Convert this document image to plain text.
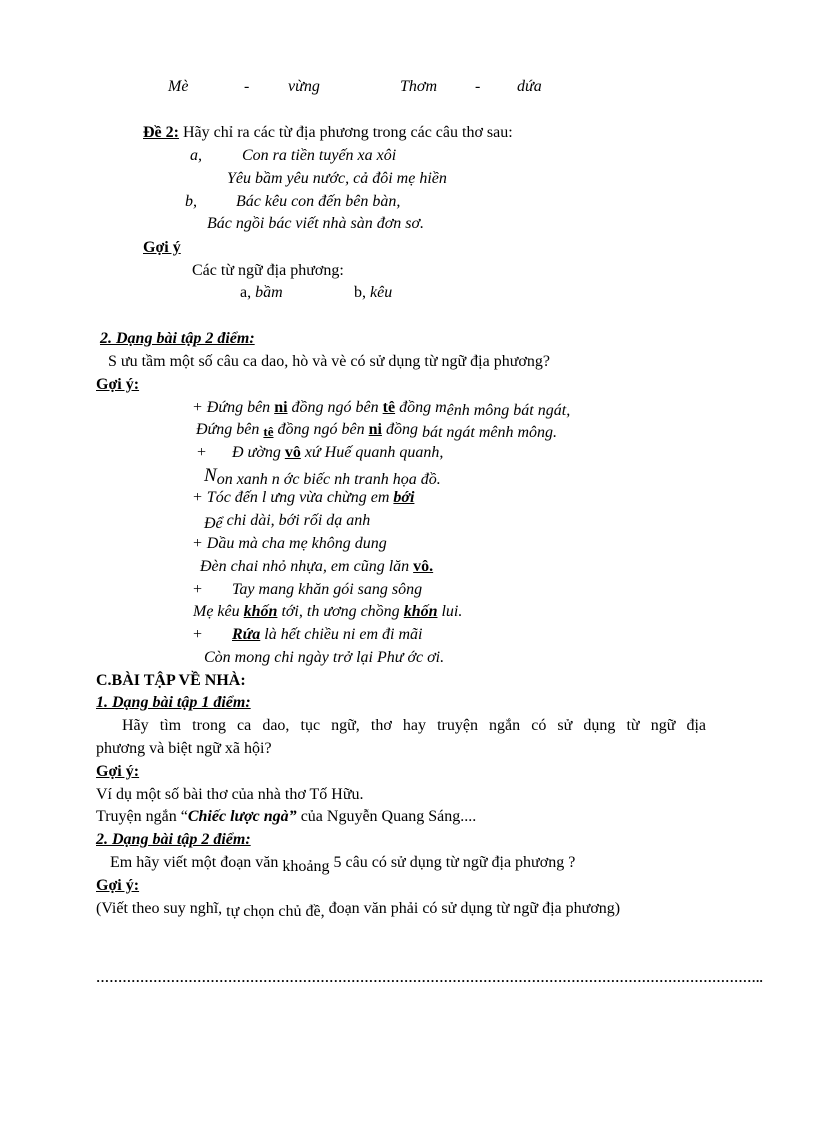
Mè	- vừng	Thơm - dứa
Đề 2: Hãy chỉ ra các từ địa phương trong các câu thơ sau:
a,	Con ra tiền tuyến xa xôi
Yêu bầm yêu nước, cả đôi mẹ hiền
b, Bác kêu con đến bên bàn,
Bác ngồi bác viết nhà sàn đơn sơ.
Gợi ý
Các từ ngữ địa phương:
a, bầm	b, kêu
2. Dạng bài tập 2 điểm:
S ưu tầm một số câu ca dao, hò và vè có sử dụng từ ngữ địa phương?
Gợi ý:
+ Đứng bên ni đồng ngó bên tê đồng mênh mông bát ngát,
Đứng bên tê đồng ngó bên ni đồng bát ngát mênh mông.
+ Đ ường vô xứ Huế quanh quanh,
Non xanh n ớc biếc nh tranh họa đồ.
+ Tóc đến l ưng vừa chừng em bới
Để chi dài, bới rối dạ anh
+ Dầu mà cha mẹ không dung
Đèn chai nhỏ nhựa, em cũng lăn vô.
+ Tay mang khăn gói sang sông
Mẹ kêu khốn tới, th ương chồng khốn lui.
+ Rứa là hết chiều ni em đi mãi
Còn mong chi ngày trở lại Phư ớc ơi.
C.BÀI TẬP VỀ NHÀ:
1. Dạng bài tập 1 điểm:
Hãy tìm trong ca dao, tục ngữ, thơ hay truyện ngắn có sử dụng từ ngữ địa
phương và biệt ngữ xã hội?
Gợi ý:
Ví dụ một số bài thơ của nhà thơ Tố Hữu.
Truyện ngắn “Chiếc lược ngà” của Nguyễn Quang Sáng....
2. Dạng bài tập 2 điểm:
Em hãy viết một đoạn văn khoảng 5 câu có sử dụng từ ngữ địa phương ?
Gợi ý:
(Viết theo suy nghĩ, tự chọn chủ đề, đoạn văn phải có sử dụng từ ngữ địa phương)
……………………………………………………………………………………………………………………………………..
